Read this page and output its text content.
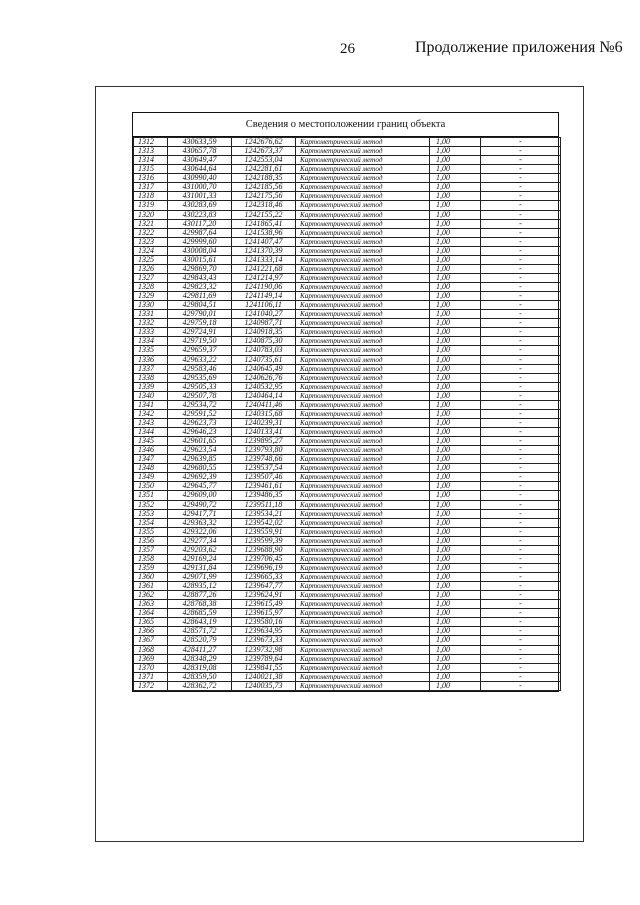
26	Продолжение приложения №6
Сведения о местоположении границ объекта
1312	430633,59	1242676,62	Картометрический метод	1,00	-
1313	430657,78	1242673,37	Картометрический метод	1,00	-
1314	430649,47	1242553,04	Картометрический метод	1,00	-
1315	430644,64	1242281,61	Картометрический метод	1,00	-
1316	430990,40	1242188,35	Картометрический метод	1,00	-
1317	431000,70	1242185,56	Картометрический метод	1,00	-
1318	431001,33	1242175,56	Картометрический метод	1,00	-
1319	430283,69	1242318,46	Картометрический метод	1,00	-
1320	430223,83	1242155,22	Картометрический метод	1,00	-
1321	430117,20	1241865,41	Картометрический метод	1,00	-
1322	429987,64	1241538,96	Картометрический метод	1,00	-
1323	429999,60	1241407,47	Картометрический метод	1,00	-
1324	430008,04	1241370,39	Картометрический метод	1,00	-
1325	430015,61	1241333,14	Картометрический метод	1,00	-
1326	429869,70	1241221,68	Картометрический метод	1,00	-
1327	429843,43	1241214,97	Картометрический метод	1,00	-
1328	429823,32	1241190,06	Картометрический метод	1,00	-
1329	429811,69	1241149,14	Картометрический метод	1,00	-
1330	429804,51	1241106,11	Картометрический метод	1,00	-
1331	429790,01	1241040,27	Картометрический метод	1,00	-
1332	429759,18	1240987,71	Картометрический метод	1,00	-
1333	429724,91	1240918,35	Картометрический метод	1,00	-
1334	429719,50	1240875,30	Картометрический метод	1,00	-
1335	429659,37	1240783,03	Картометрический метод	1,00	-
1336	429633,22	1240735,61	Картометрический метод	1,00	-
1337	429583,46	1240645,49	Картометрический метод	1,00	-
1338	429535,69	1240626,76	Картометрический метод	1,00	-
1339	429505,33	1240532,95	Картометрический метод	1,00	-
1340	429507,78	1240464,14	Картометрический метод	1,00	-
1341	429534,72	1240411,46	Картометрический метод	1,00	-
1342	429591,52	1240315,68	Картометрический метод	1,00	-
1343	429623,73	1240239,31	Картометрический метод	1,00	-
1344	429646,23	1240133,41	Картометрический метод	1,00	-
1345	429601,65	1239895,27	Картометрический метод	1,00	-
1346	429623,54	1239793,80	Картометрический метод	1,00	-
1347	429639,85	1239748,66	Картометрический метод	1,00	-
1348	429680,55	1239537,54	Картометрический метод	1,00	-
1349	429692,39	1239507,46	Картометрический метод	1,00	-
1350	429645,77	1239461,61	Картометрический метод	1,00	-
1351	429609,00	1239486,35	Картометрический метод	1,00	-
1352	429490,72	1239511,18	Картометрический метод	1,00	-
1353	429417,71	1239534,21	Картометрический метод	1,00	-
1354	429363,32	1239542,02	Картометрический метод	1,00	-
1355	429322,06	1239559,91	Картометрический метод	1,00	-
1356	429277,34	1239599,39	Картометрический метод	1,00	-
1357	429203,62	1239688,90	Картометрический метод	1,00	-
1358	429169,24	1239706,45	Картометрический метод	1,00	-
1359	429131,84	1239696,19	Картометрический метод	1,00	-
1360	429071,99	1239665,33	Картометрический метод	1,00	-
1361	428935,12	1239647,77	Картометрический метод	1,00	-
1362	428877,26	1239624,91	Картометрический метод	1,00	-
1363	428768,38	1239615,49	Картометрический метод	1,00	-
1364	428685,59	1239615,97	Картометрический метод	1,00	-
1365	428643,19	1239580,16	Картометрический метод	1,00	-
1366	428571,72	1239634,95	Картометрический метод	1,00	-
1367	428520,79	1239673,33	Картометрический метод	1,00	-
1368	428411,27	1239732,98	Картометрический метод	1,00	-
1369	428348,29	1239789,64	Картометрический метод	1,00	-
1370	428319,08	1239841,55	Картометрический метод	1,00	-
1371	428359,50	1240021,38	Картометрический метод	1,00	-
1372	428362,72	1240035,73	Картометрический метод	1,00	-
